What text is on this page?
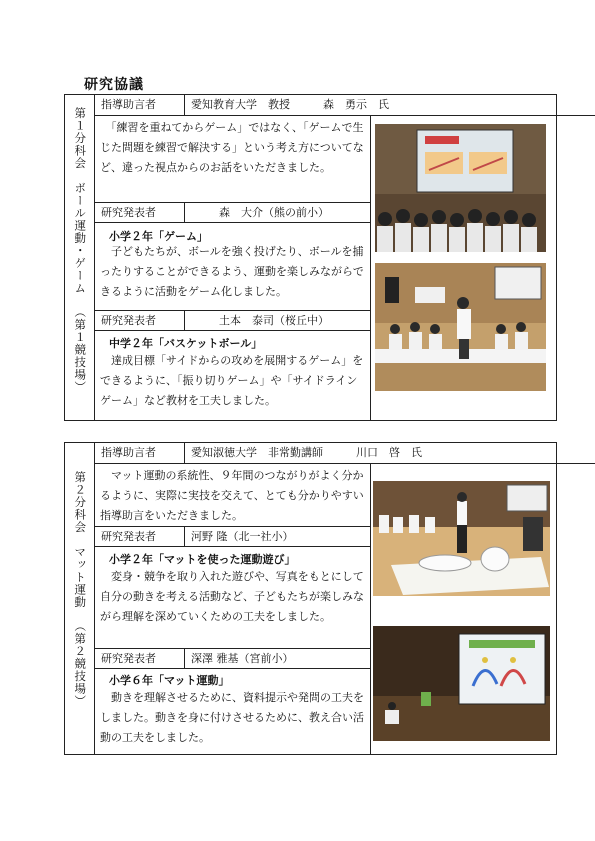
研究協議
第１分科会
ボール運動・ゲーム
（第１競技場）
指導助言者	愛知教育大学　教授　　　森　勇示　氏
　「練習を重ねてからゲーム」ではなく、「ゲームで生じた問題を練習で解決する」という考え方についてなど、違った視点からのお話をいただきました。
研究発表者	森　大介（熊の前小）
小学２年「ゲーム」
　子どもたちが、ボールを強く投げたり、ボールを捕ったりすることができるよう、運動を楽しみながらできるように活動をゲーム化しました。
研究発表者	土本　泰司（桜丘中）
中学２年「バスケットボール」
　達成目標「サイドからの攻めを展開するゲーム」をできるように、「振り切りゲーム」や「サイドラインゲーム」など教材を工夫しました。
第２分科会
マット運動
（第２競技場）
指導助言者	愛知淑徳大学　非常勤講師　　　川口　啓　氏
　マット運動の系統性、９年間のつながりがよく分かるように、実際に実技を交えて、とても分かりやすい指導助言をいただきました。
研究発表者	河野 隆（北一社小）
小学２年「マットを使った運動遊び」
　変身・競争を取り入れた遊びや、写真をもとにして自分の動きを考える活動など、子どもたちが楽しみながら理解を深めていくための工夫をしました。
研究発表者	深澤 雅基（宮前小）
小学６年「マット運動」
　動きを理解させるために、資料提示や発問の工夫をしました。動きを身に付けさせるために、教え合い活動の工夫をしました。
